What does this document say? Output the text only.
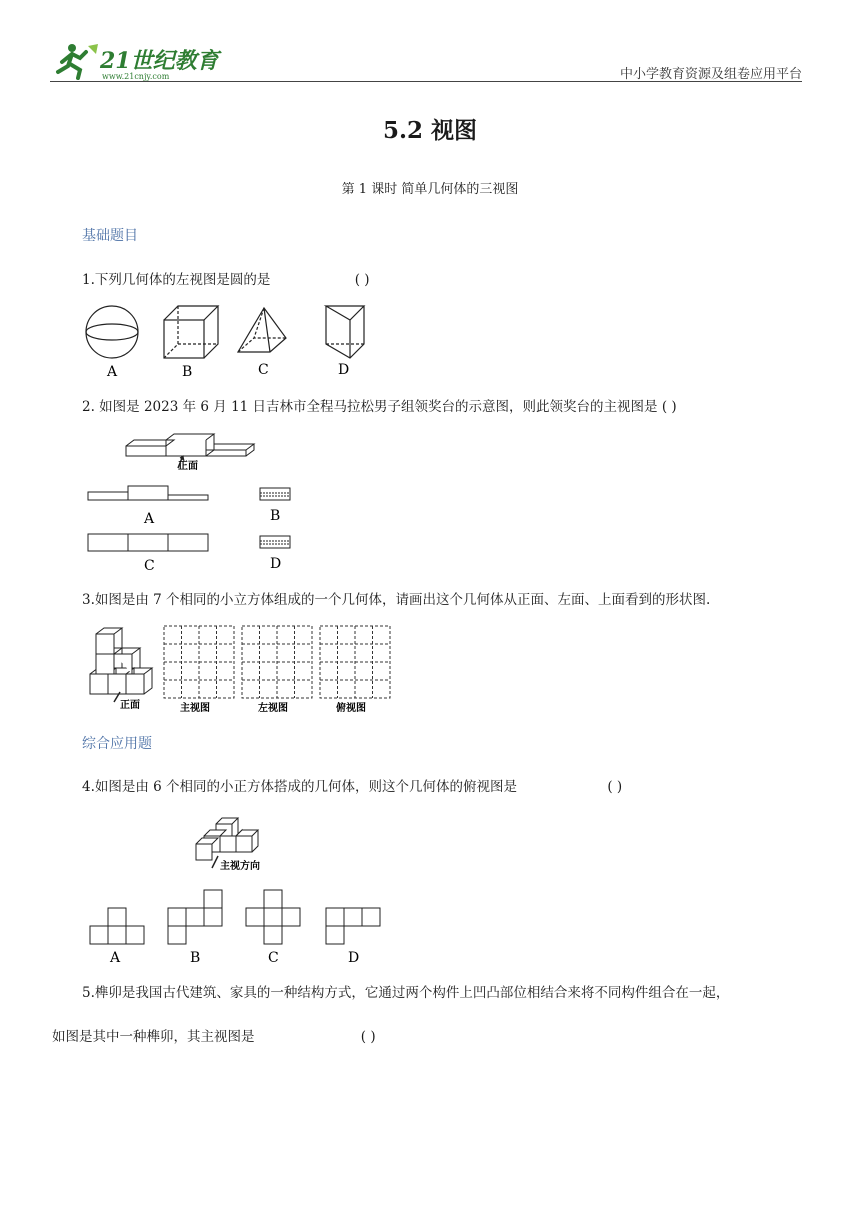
21世纪教育
www.21cnjy.com	中小学教育资源及组卷应用平台
5.2 视图
第 1 课时 简单几何体的三视图
基础题目
1.下列几何体的左视图是圆的是	( )
A	B	C	D
2. 如图是 2023 年 6 月 11 日吉林市全程马拉松男子组领奖台的示意图，则此领奖台的主视图是 ( )
正面
A	B
C	D
3.如图是由 7 个相同的小立方体组成的一个几何体，请画出这个几何体从正面、左面、上面看到的形状图.
正面	主视图	左视图	俯视图
综合应用题
4.如图是由 6 个相同的小正方体搭成的几何体，则这个几何体的俯视图是	( )
主视方向
A	B	C	D
5.榫卯是我国古代建筑、家具的一种结构方式，它通过两个构件上凹凸部位相结合来将不同构件组合在一起，
如图是其中一种榫卯，其主视图是	( )
